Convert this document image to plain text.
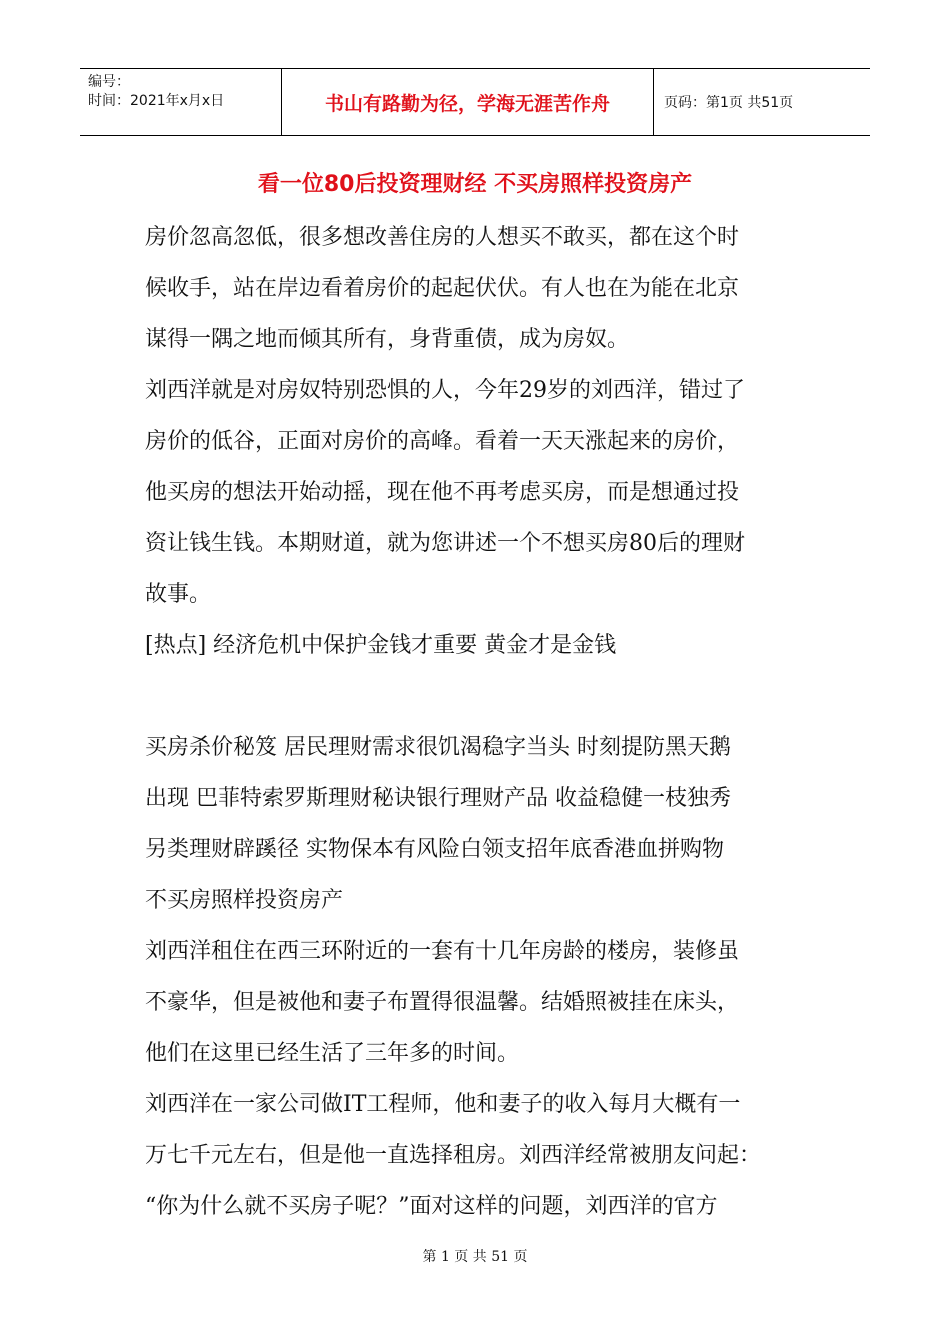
编号：
时间：2021年x月x日	书山有路勤为径，学海无涯苦作舟	页码：第1页 共51页
看一位80后投资理财经 不买房照样投资房产

房价忽高忽低，很多想改善住房的人想买不敢买，都在这个时

候收手，站在岸边看着房价的起起伏伏。有人也在为能在北京

谋得一隅之地而倾其所有，身背重债，成为房奴。

刘西洋就是对房奴特别恐惧的人，今年29岁的刘西洋，错过了

房价的低谷，正面对房价的高峰。看着一天天涨起来的房价，

他买房的想法开始动摇，现在他不再考虑买房，而是想通过投

资让钱生钱。本期财道，就为您讲述一个不想买房80后的理财

故事。

[热点] 经济危机中保护金钱才重要 黄金才是金钱

买房杀价秘笈 居民理财需求很饥渴稳字当头 时刻提防黑天鹅

出现 巴菲特索罗斯理财秘诀银行理财产品 收益稳健一枝独秀

另类理财辟蹊径 实物保本有风险白领支招年底香港血拼购物

不买房照样投资房产

刘西洋租住在西三环附近的一套有十几年房龄的楼房，装修虽

不豪华，但是被他和妻子布置得很温馨。结婚照被挂在床头，

他们在这里已经生活了三年多的时间。

刘西洋在一家公司做IT工程师，他和妻子的收入每月大概有一

万七千元左右，但是他一直选择租房。刘西洋经常被朋友问起：

“你为什么就不买房子呢？”面对这样的问题，刘西洋的官方

第 1 页 共 51 页
